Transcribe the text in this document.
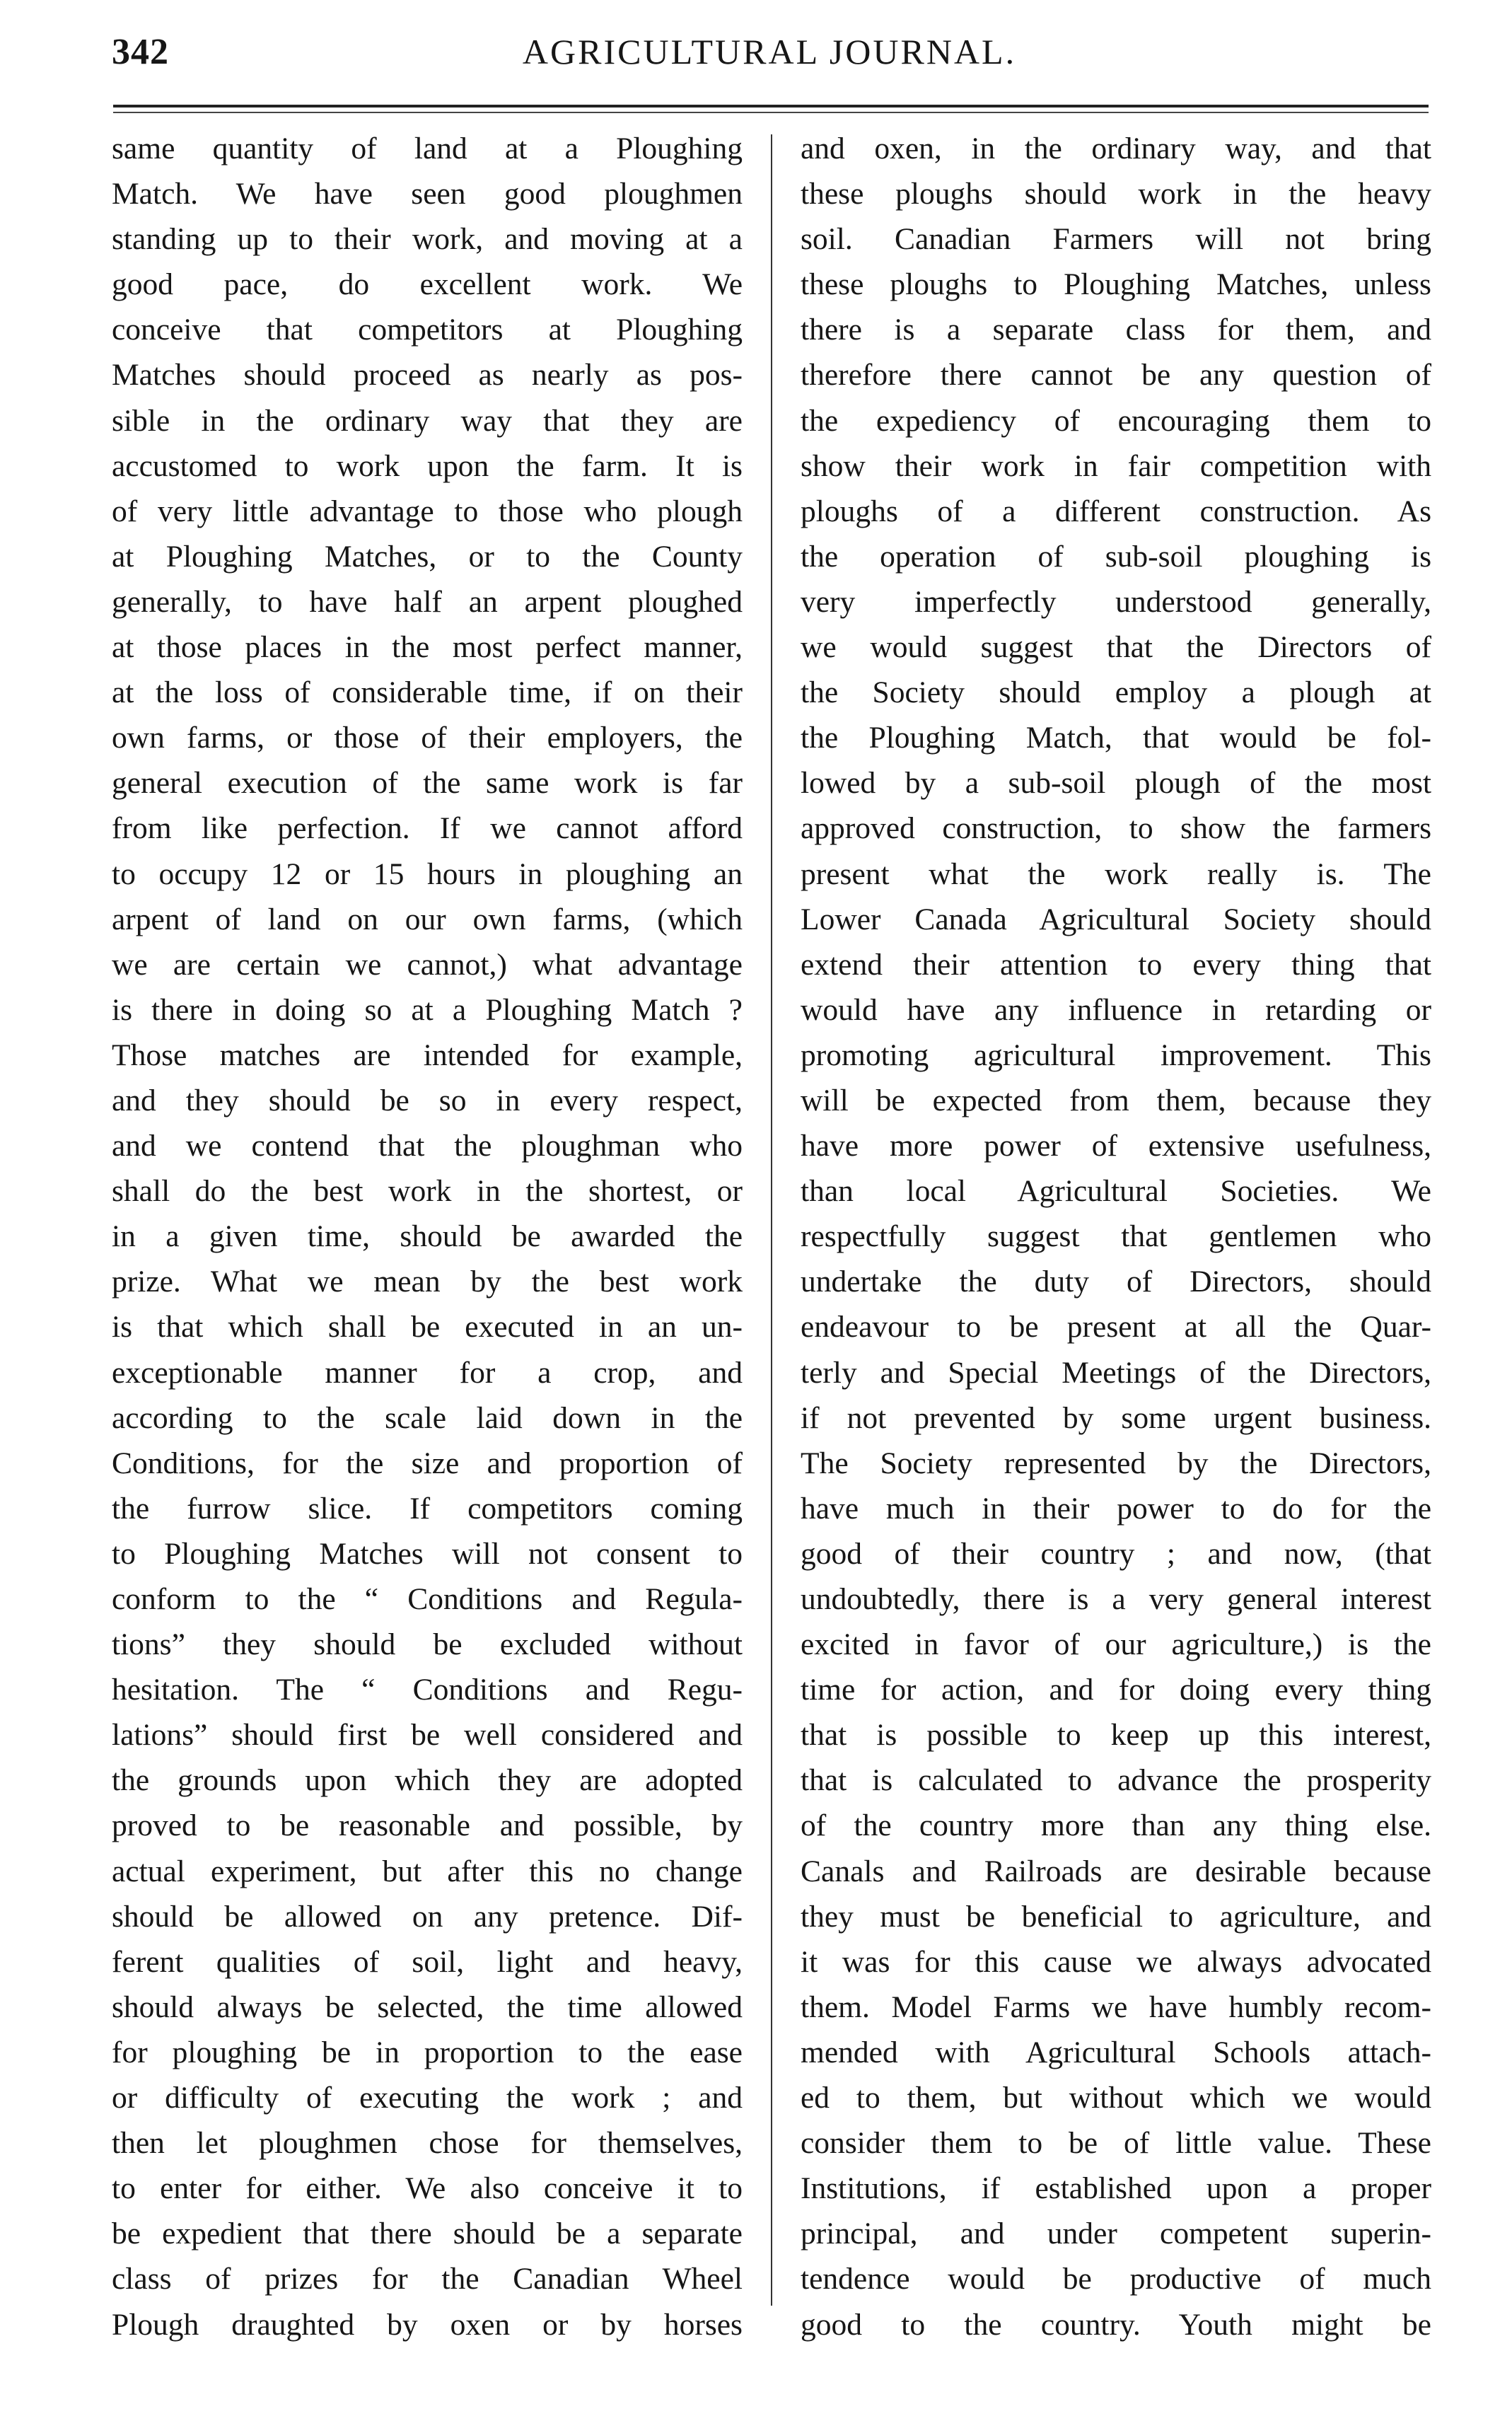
342	AGRICULTURAL JOURNAL.
same quantity of land at a Ploughing
Match. We have seen good ploughmen
standing up to their work, and moving at a
good pace, do excellent work. We
conceive that competitors at Ploughing
Matches should proceed as nearly as pos-
sible in the ordinary way that they are
accustomed to work upon the farm. It is
of very little advantage to those who plough
at Ploughing Matches, or to the County
generally, to have half an arpent ploughed
at those places in the most perfect manner,
at the loss of considerable time, if on their
own farms, or those of their employers, the
general execution of the same work is far
from like perfection. If we cannot afford
to occupy 12 or 15 hours in ploughing an
arpent of land on our own farms, (which
we are certain we cannot,) what advantage
is there in doing so at a Ploughing Match ?
Those matches are intended for example,
and they should be so in every respect,
and we contend that the ploughman who
shall do the best work in the shortest, or
in a given time, should be awarded the
prize. What we mean by the best work
is that which shall be executed in an un-
exceptionable manner for a crop, and
according to the scale laid down in the
Conditions, for the size and proportion of
the furrow slice. If competitors coming
to Ploughing Matches will not consent to
conform to the “ Conditions and Regula-
tions” they should be excluded without
hesitation. The “ Conditions and Regu-
lations” should first be well considered and
the grounds upon which they are adopted
proved to be reasonable and possible, by
actual experiment, but after this no change
should be allowed on any pretence. Dif-
ferent qualities of soil, light and heavy,
should always be selected, the time allowed
for ploughing be in proportion to the ease
or difficulty of executing the work ; and
then let ploughmen chose for themselves,
to enter for either. We also conceive it to
be expedient that there should be a separate
class of prizes for the Canadian Wheel
Plough draughted by oxen or by horses
and oxen, in the ordinary way, and that
these ploughs should work in the heavy
soil. Canadian Farmers will not bring
these ploughs to Ploughing Matches, unless
there is a separate class for them, and
therefore there cannot be any question of
the expediency of encouraging them to
show their work in fair competition with
ploughs of a different construction. As
the operation of sub-soil ploughing is
very imperfectly understood generally,
we would suggest that the Directors of
the Society should employ a plough at
the Ploughing Match, that would be fol-
lowed by a sub-soil plough of the most
approved construction, to show the farmers
present what the work really is. The
Lower Canada Agricultural Society should
extend their attention to every thing that
would have any influence in retarding or
promoting agricultural improvement. This
will be expected from them, because they
have more power of extensive usefulness,
than local Agricultural Societies. We
respectfully suggest that gentlemen who
undertake the duty of Directors, should
endeavour to be present at all the Quar-
terly and Special Meetings of the Directors,
if not prevented by some urgent business.
The Society represented by the Directors,
have much in their power to do for the
good of their country ; and now, (that
undoubtedly, there is a very general interest
excited in favor of our agriculture,) is the
time for action, and for doing every thing
that is possible to keep up this interest,
that is calculated to advance the prosperity
of the country more than any thing else.
Canals and Railroads are desirable because
they must be beneficial to agriculture, and
it was for this cause we always advocated
them. Model Farms we have humbly recom-
mended with Agricultural Schools attach-
ed to them, but without which we would
consider them to be of little value. These
Institutions, if established upon a proper
principal, and under competent superin-
tendence would be productive of much
good to the country. Youth might be
